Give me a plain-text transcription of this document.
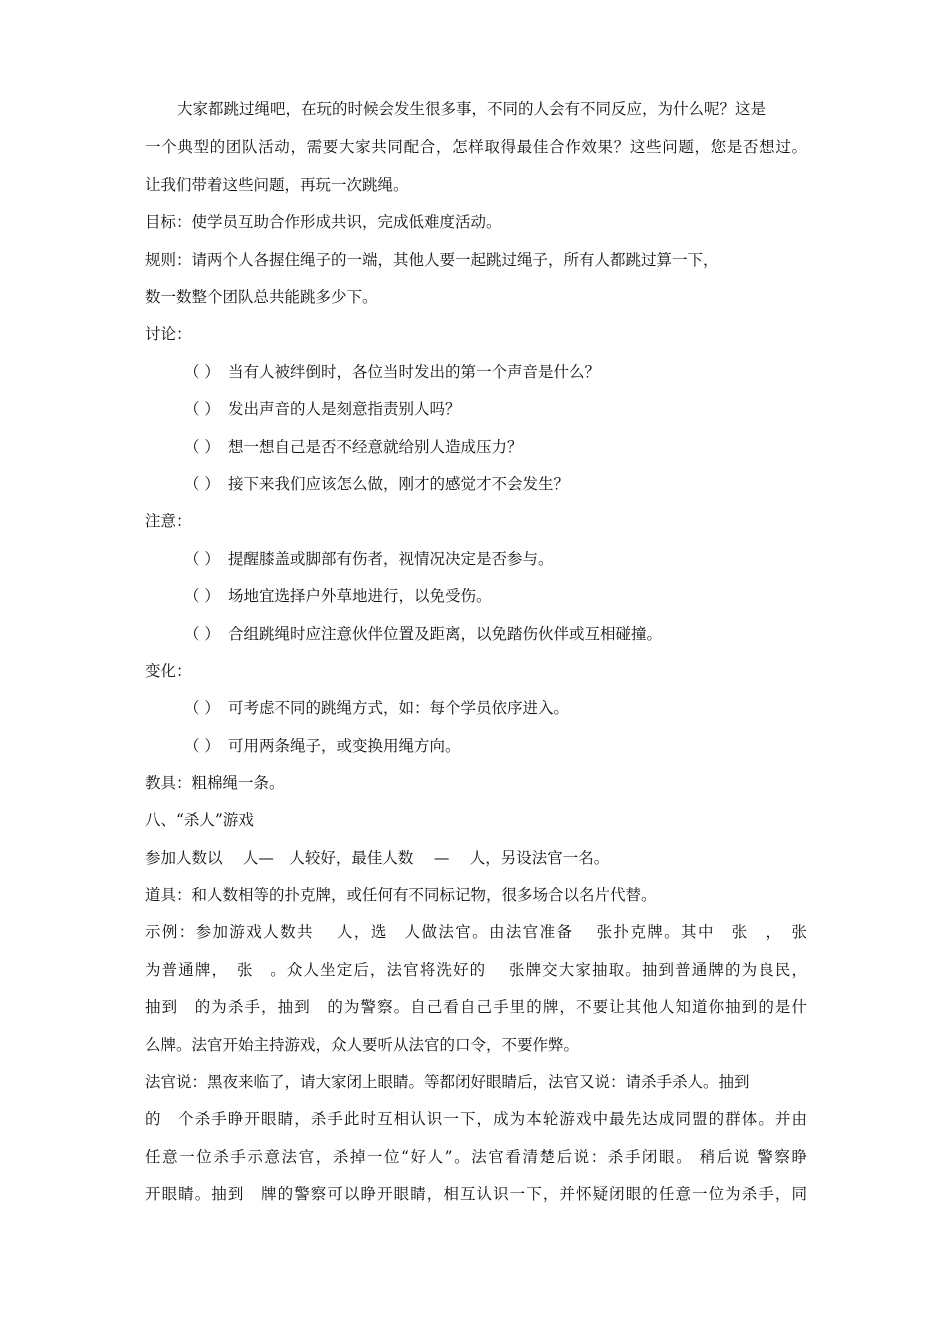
大家都跳过绳吧，在玩的时候会发生很多事，不同的人会有不同反应，为什么呢？这是
一个典型的团队活动，需要大家共同配合，怎样取得最佳合作效果？这些问题，您是否想过。
让我们带着这些问题，再玩一次跳绳。
目标：使学员互助合作形成共识，完成低难度活动。
规则：请两个人各握住绳子的一端，其他人要一起跳过绳子，所有人都跳过算一下，
数一数整个团队总共能跳多少下。
讨论：
（ ） 当有人被绊倒时，各位当时发出的第一个声音是什么？
（ ） 发出声音的人是刻意指责别人吗？
（ ） 想一想自己是否不经意就给别人造成压力？
（ ） 接下来我们应该怎么做，刚才的感觉才不会发生？
注意：
（ ） 提醒膝盖或脚部有伤者，视情况决定是否参与。
（ ） 场地宜选择户外草地进行，以免受伤。
（ ） 合组跳绳时应注意伙伴位置及距离，以免踏伤伙伴或互相碰撞。
变化：
（ ） 可考虑不同的跳绳方式，如：每个学员依序进入。
（ ） 可用两条绳子，或变换用绳方向。
教具：粗棉绳一条。
八、“杀人”游戏
参加人数以　 人—　人较好，最佳人数　 —　 人，另设法官一名。
道具：和人数相等的扑克牌，或任何有不同标记物，很多场合以名片代替。
示例：参加游戏人数共　 人，选　人做法官。由法官准备　 张扑克牌。其中　张　，　张
为普通牌，　张　。众人坐定后，法官将洗好的　 张牌交大家抽取。抽到普通牌的为良民，
抽到　的为杀手，抽到　的为警察。自己看自己手里的牌，不要让其他人知道你抽到的是什
么牌。法官开始主持游戏，众人要听从法官的口令，不要作弊。
法官说：黑夜来临了，请大家闭上眼睛。等都闭好眼睛后，法官又说：请杀手杀人。抽到
的　个杀手睁开眼睛，杀手此时互相认识一下，成为本轮游戏中最先达成同盟的群体。并由
任意一位杀手示意法官，杀掉一位“好人”。法官看清楚后说：杀手闭眼。 稍后说 警察睁
开眼睛。抽到　牌的警察可以睁开眼睛，相互认识一下，并怀疑闭眼的任意一位为杀手，同
